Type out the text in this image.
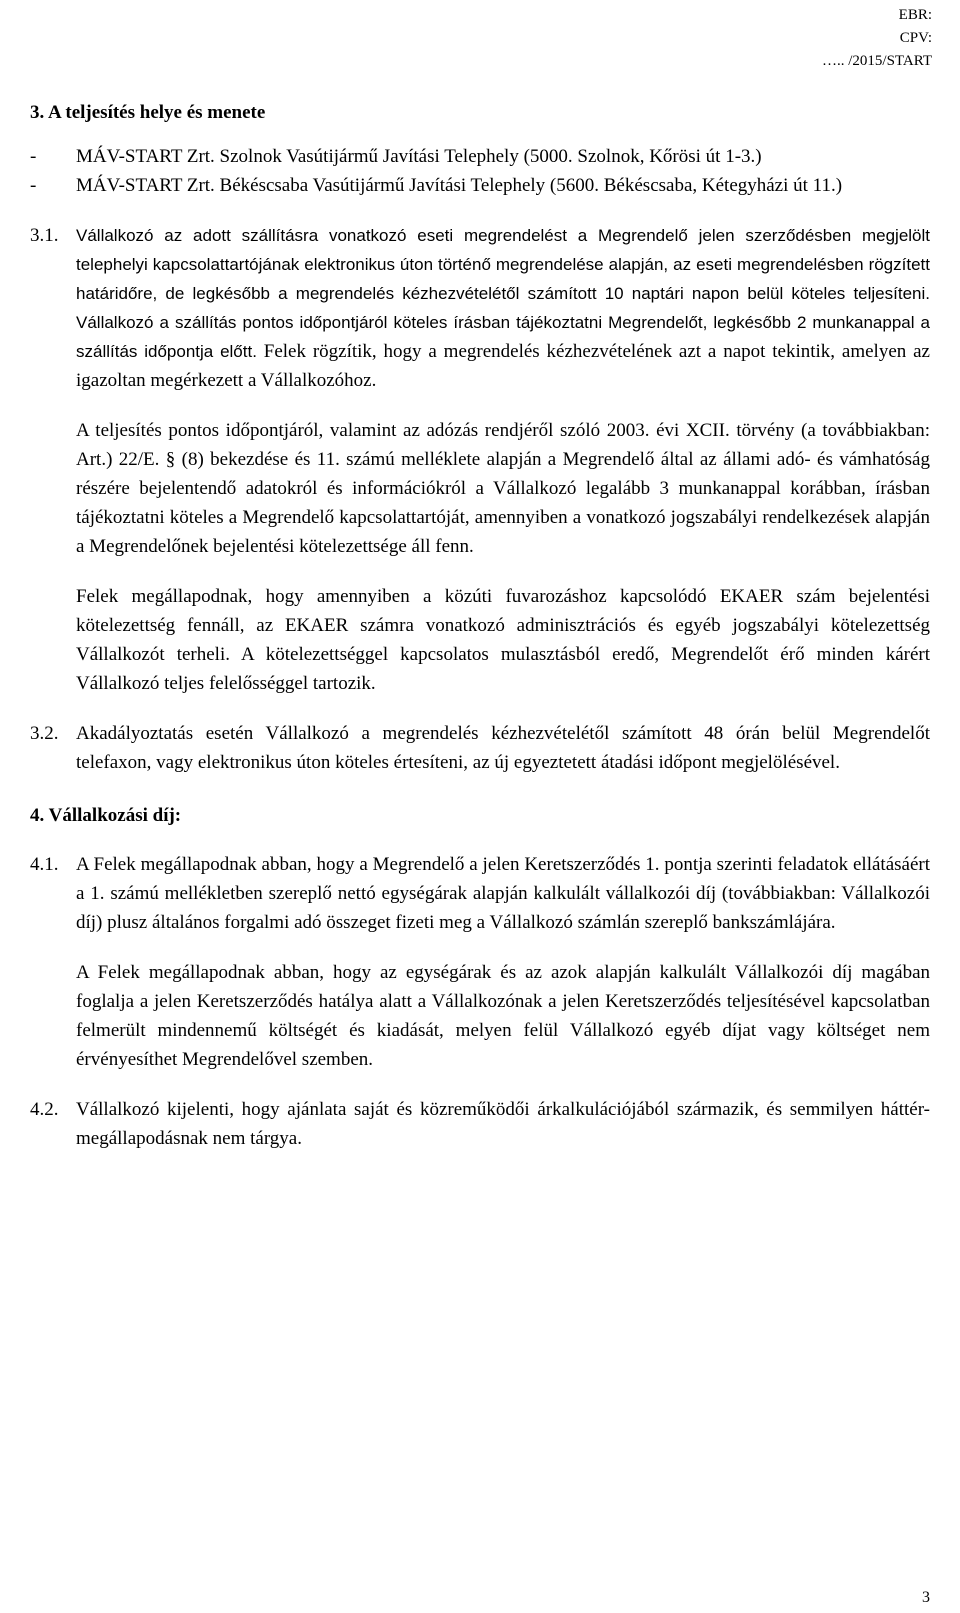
EBR:
CPV:
….. /2015/START
3. A teljesítés helye és menete
-	MÁV-START Zrt. Szolnok Vasútijármű Javítási Telephely (5000. Szolnok, Kőrösi út 1-3.)
-	MÁV-START Zrt. Békéscsaba Vasútijármű Javítási Telephely (5600. Békéscsaba, Kétegyházi út 11.)
3.1.	Vállalkozó az adott szállításra vonatkozó eseti megrendelést a Megrendelő jelen szerződésben megjelölt telephelyi kapcsolattartójának elektronikus úton történő megrendelése alapján, az eseti megrendelésben rögzített határidőre, de legkésőbb a megrendelés kézhezvételétől számított 10 naptári napon belül köteles teljesíteni. Vállalkozó a szállítás pontos időpontjáról köteles írásban tájékoztatni Megrendelőt, legkésőbb 2 munkanappal a szállítás időpontja előtt. Felek rögzítik, hogy a megrendelés kézhezvételének azt a napot tekintik, amelyen az igazoltan megérkezett a Vállalkozóhoz.

A teljesítés pontos időpontjáról, valamint az adózás rendjéről szóló 2003. évi XCII. törvény (a továbbiakban: Art.) 22/E. § (8) bekezdése és 11. számú melléklete alapján a Megrendelő által az állami adó- és vámhatóság részére bejelentendő adatokról és információkról a Vállalkozó legalább 3 munkanappal korábban, írásban tájékoztatni köteles a Megrendelő kapcsolattartóját, amennyiben a vonatkozó jogszabályi rendelkezések alapján a Megrendelőnek bejelentési kötelezettsége áll fenn.

Felek megállapodnak, hogy amennyiben a közúti fuvarozáshoz kapcsolódó EKAER szám bejelentési kötelezettség fennáll, az EKAER számra vonatkozó adminisztrációs és egyéb jogszabályi kötelezettség Vállalkozót terheli. A kötelezettséggel kapcsolatos mulasztásból eredő, Megrendelőt érő minden kárért Vállalkozó teljes felelősséggel tartozik.

3.2. Akadályoztatás esetén Vállalkozó a megrendelés kézhezvételétől számított 48 órán belül Megrendelőt telefaxon, vagy elektronikus úton köteles értesíteni, az új egyeztetett átadási időpont megjelölésével.

4. Vállalkozási díj:
4.1. A Felek megállapodnak abban, hogy a Megrendelő a jelen Keretszerződés 1. pontja szerinti feladatok ellátásáért a 1. számú mellékletben szereplő nettó egységárak alapján kalkulált vállalkozói díj (továbbiakban: Vállalkozói díj) plusz általános forgalmi adó összeget fizeti meg a Vállalkozó számlán szereplő bankszámlájára.

A Felek megállapodnak abban, hogy az egységárak és az azok alapján kalkulált Vállalkozói díj magában foglalja a jelen Keretszerződés hatálya alatt a Vállalkozónak a jelen Keretszerződés teljesítésével kapcsolatban felmerült mindennemű költségét és kiadását, melyen felül Vállalkozó egyéb díjat vagy költséget nem érvényesíthet Megrendelővel szemben.

4.2. Vállalkozó kijelenti, hogy ajánlata saját és közreműködői árkalkulációjából származik, és semmilyen háttér-megállapodásnak nem tárgya.

3
